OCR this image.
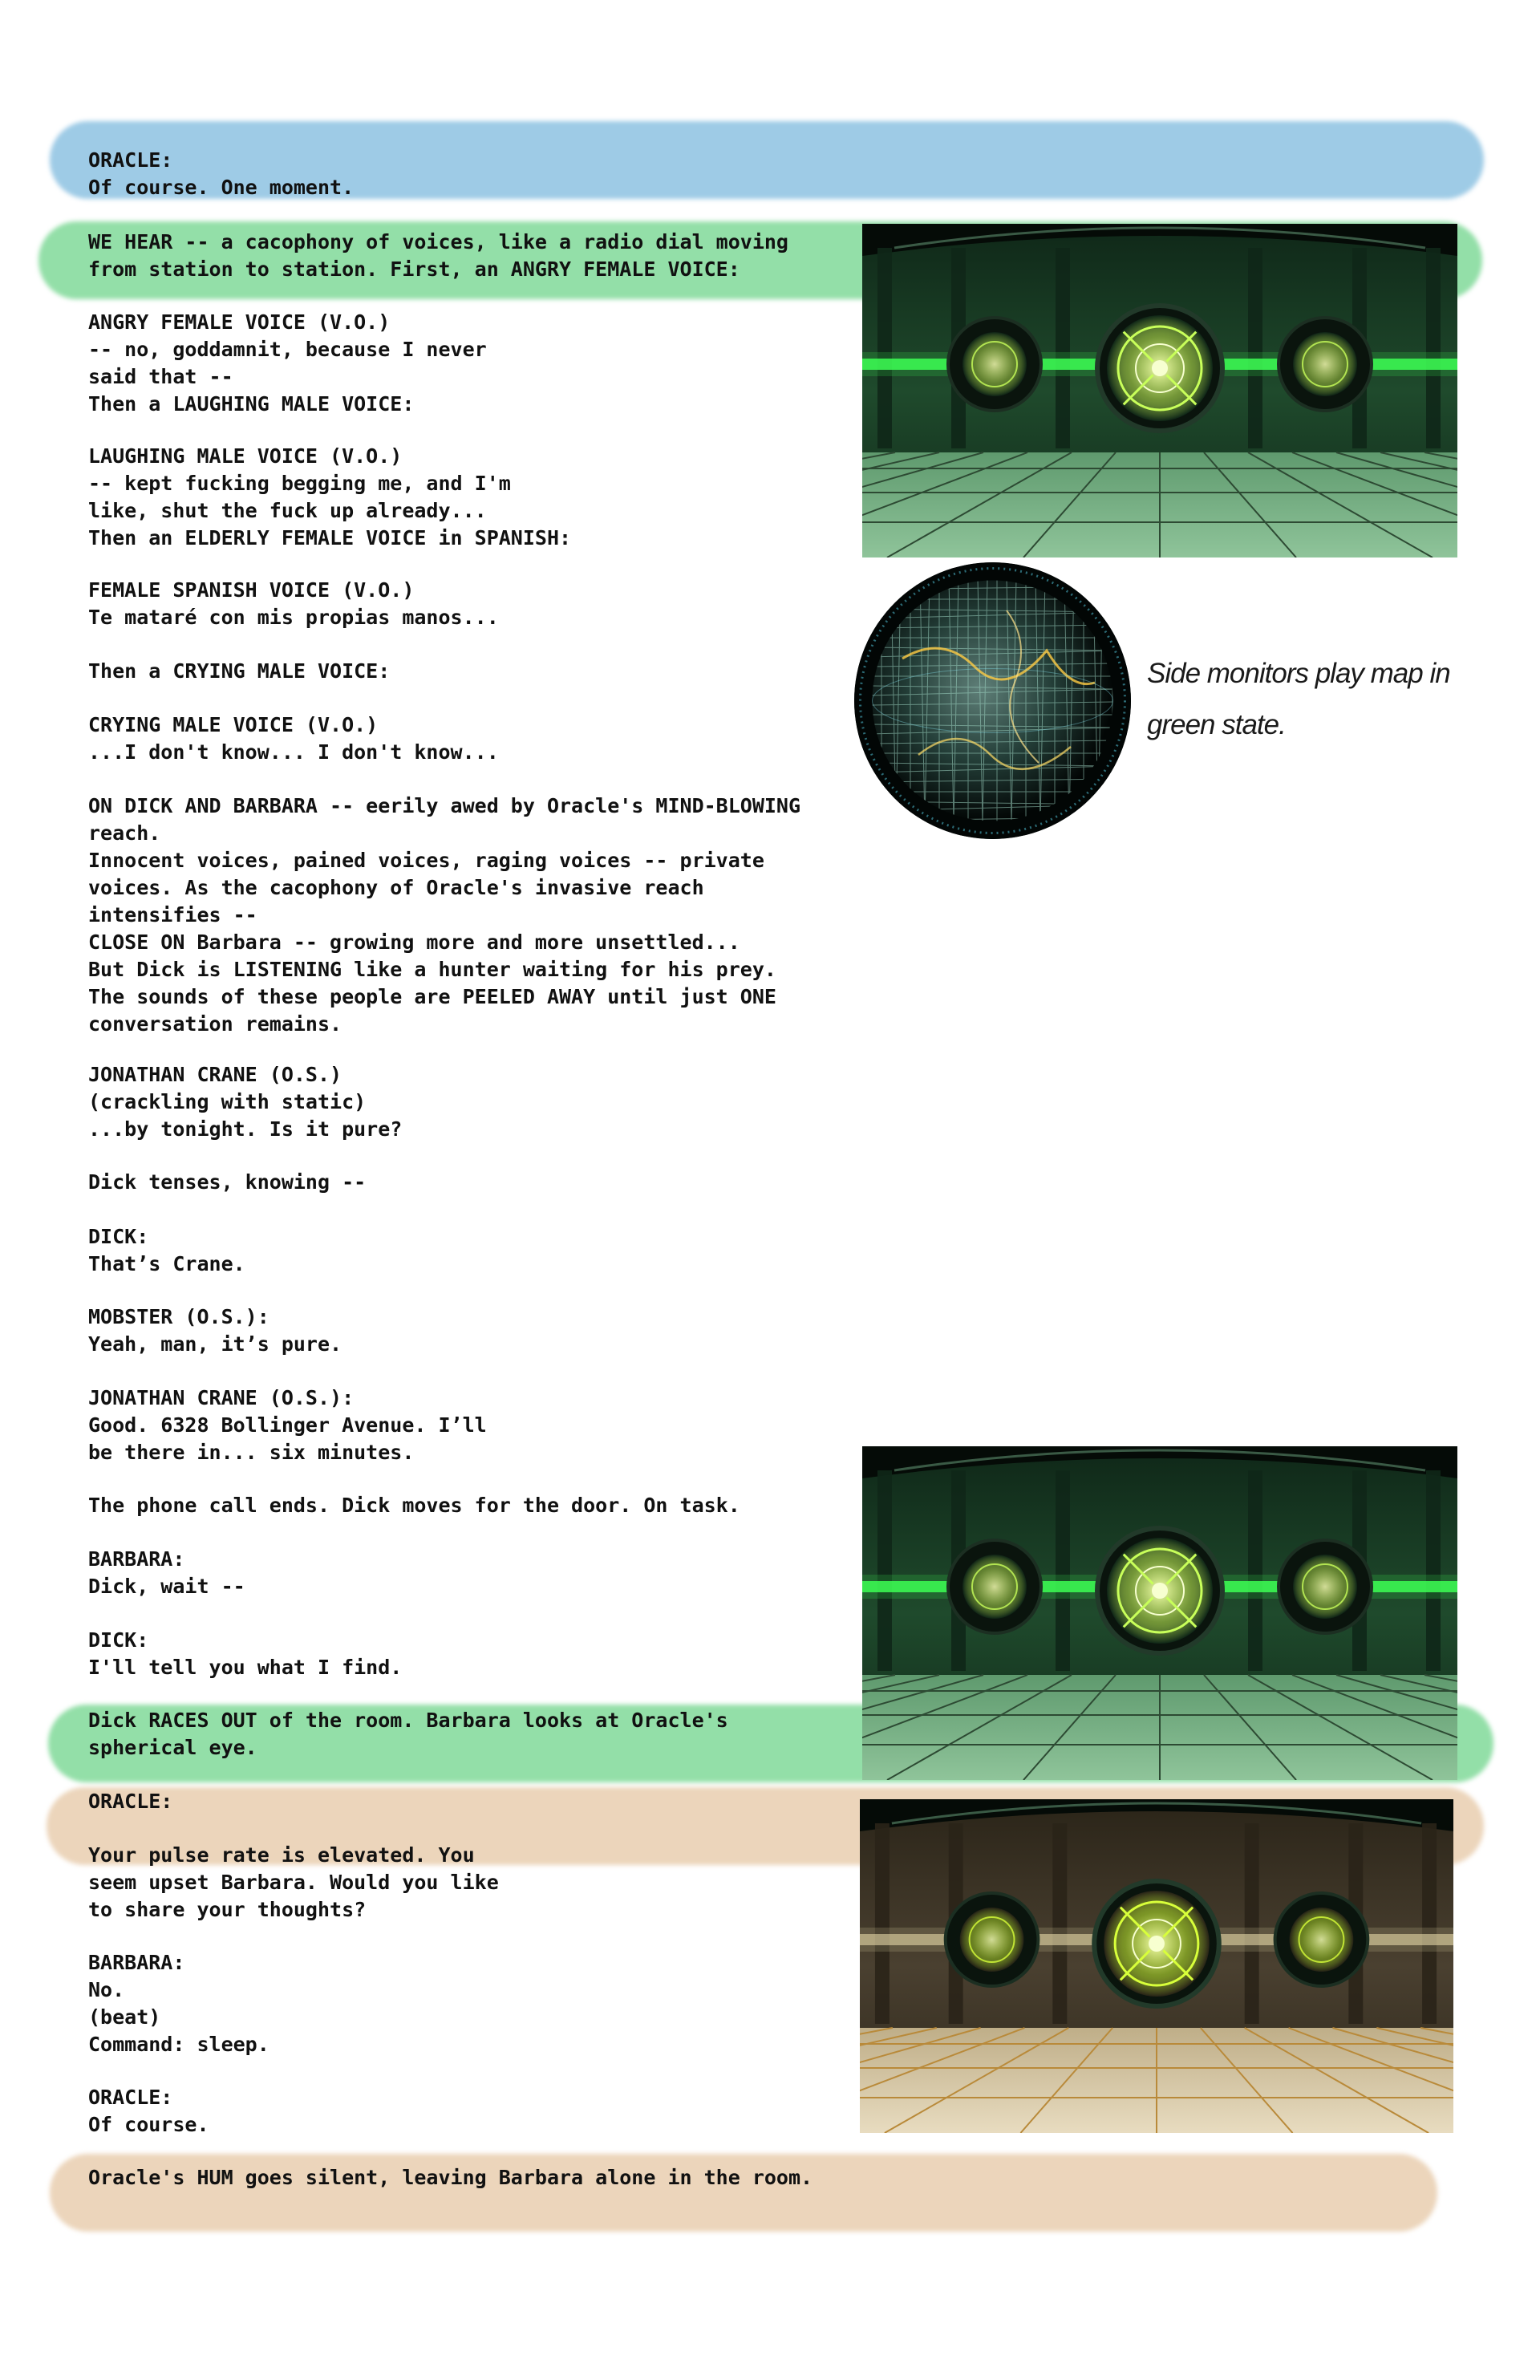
ORACLE:
Of course. One moment.
WE HEAR -- a cacophony of voices, like a radio dial moving
from station to station. First, an ANGRY FEMALE VOICE:
ANGRY FEMALE VOICE (V.O.)
-- no, goddamnit, because I never
said that --
Then a LAUGHING MALE VOICE:
LAUGHING MALE VOICE (V.O.)
-- kept fucking begging me, and I'm
like, shut the fuck up already...
Then an ELDERLY FEMALE VOICE in SPANISH:
FEMALE SPANISH VOICE (V.O.)
Te mataré con mis propias manos...
Then a CRYING MALE VOICE:
CRYING MALE VOICE (V.O.)
...I don't know... I don't know...
ON DICK AND BARBARA -- eerily awed by Oracle's MIND-BLOWING
reach.
Innocent voices, pained voices, raging voices -- private
voices. As the cacophony of Oracle's invasive reach
intensifies --
CLOSE ON Barbara -- growing more and more unsettled...
But Dick is LISTENING like a hunter waiting for his prey.
The sounds of these people are PEELED AWAY until just ONE
conversation remains.
JONATHAN CRANE (O.S.)
(crackling with static)
...by tonight. Is it pure?
Dick tenses, knowing --
DICK:
That’s Crane.
MOBSTER (O.S.):
Yeah, man, it’s pure.
JONATHAN CRANE (O.S.):
Good. 6328 Bollinger Avenue. I’ll
be there in... six minutes.
The phone call ends. Dick moves for the door. On task.
BARBARA:
Dick, wait --
DICK:
I'll tell you what I find.
Dick RACES OUT of the room. Barbara looks at Oracle's
spherical eye.
ORACLE:
Your pulse rate is elevated. You
seem upset Barbara. Would you like
to share your thoughts?
BARBARA:
No.
(beat)
Command: sleep.
ORACLE:
Of course.
Oracle's HUM goes silent, leaving Barbara alone in the room.
Side monitors play map in
green state.
